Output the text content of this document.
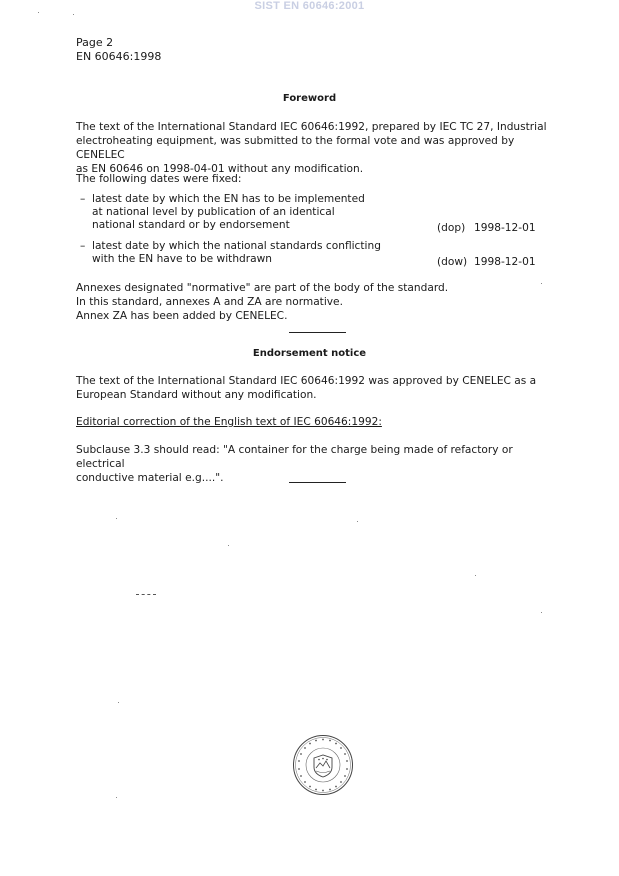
SIST EN 60646:2001
Page 2
EN 60646:1998
Foreword
The text of the International Standard IEC 60646:1992, prepared by IEC TC 27, Industrial
electroheating equipment, was submitted to the formal vote and was approved by CENELEC
as EN 60646 on 1998-04-01 without any modification.
The following dates were fixed:
– latest date by which the EN has to be implemented
at national level by publication of an identical
national standard or by endorsement	(dop) 1998-12-01
– latest date by which the national standards conflicting
with the EN have to be withdrawn	(dow) 1998-12-01
Annexes designated "normative" are part of the body of the standard.
In this standard, annexes A and ZA are normative.
Annex ZA has been added by CENELEC.
Endorsement notice
The text of the International Standard IEC 60646:1992 was approved by CENELEC as a
European Standard without any modification.
Editorial correction of the English text of IEC 60646:1992:
Subclause 3.3 should read: "A container for the charge being made of refactory or electrical
conductive material e.g....".
